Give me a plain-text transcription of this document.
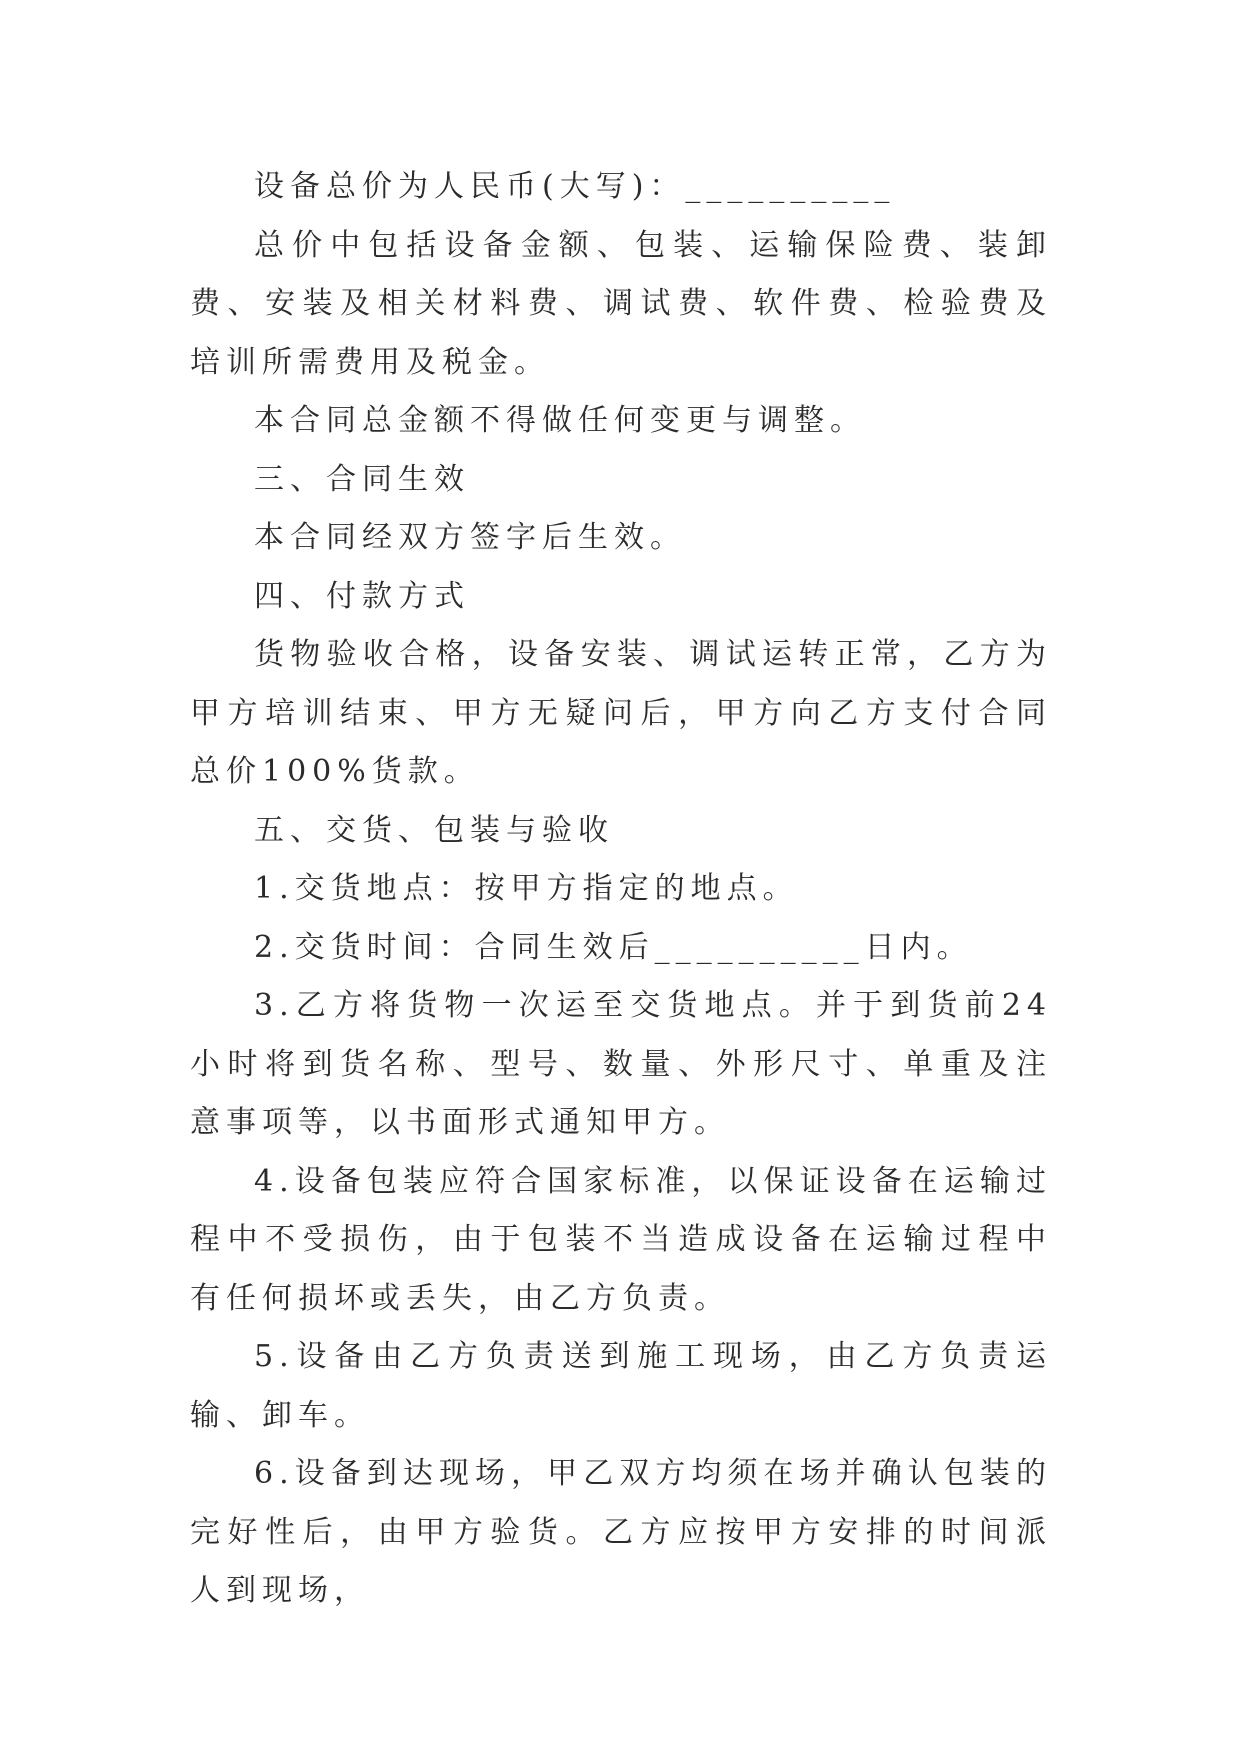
设备总价为人民币(大写)：__________

总价中包括设备金额、包装、运输保险费、装卸费、安装及相关材料费、调试费、软件费、检验费及培训所需费用及税金。

本合同总金额不得做任何变更与调整。

三、合同生效

本合同经双方签字后生效。

四、付款方式

货物验收合格，设备安装、调试运转正常，乙方为甲方培训结束、甲方无疑问后，甲方向乙方支付合同总价100%货款。

五、交货、包装与验收

1.交货地点：按甲方指定的地点。

2.交货时间：合同生效后__________日内。

3.乙方将货物一次运至交货地点。并于到货前24小时将到货名称、型号、数量、外形尺寸、单重及注意事项等，以书面形式通知甲方。

4.设备包装应符合国家标准，以保证设备在运输过程中不受损伤，由于包装不当造成设备在运输过程中有任何损坏或丢失，由乙方负责。

5.设备由乙方负责送到施工现场，由乙方负责运输、卸车。

6.设备到达现场，甲乙双方均须在场并确认包装的完好性后，由甲方验货。乙方应按甲方安排的时间派人到现场，
